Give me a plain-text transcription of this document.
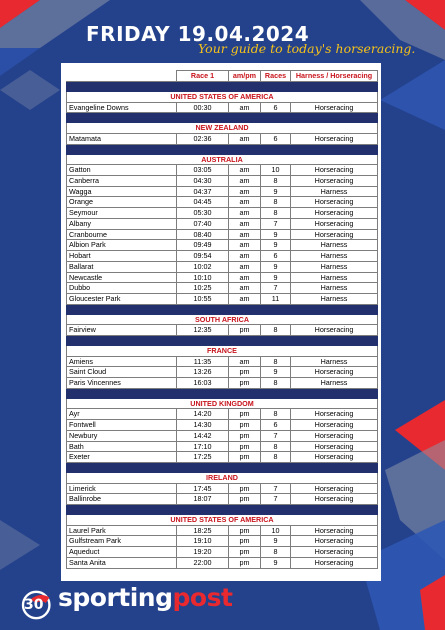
FRIDAY 19.04.2024
Your guide to today's horseracing.
	Race 1	am/pm	Races	Harness / Horseracing

UNITED STATES OF AMERICA				
Evangeline Downs	00:30	am	6	Horseracing

NEW ZEALAND				
Matamata	02:36	am	6	Horseracing

AUSTRALIA				
Gatton	03:05	am	10	Horseracing
Canberra	04:30	am	8	Horseracing
Wagga	04:37	am	9	Harness
Orange	04:45	am	8	Horseracing
Seymour	05:30	am	8	Horseracing
Albany	07:40	am	7	Horseracing
Cranbourne	08:40	am	9	Horseracing
Albion Park	09:49	am	9	Harness
Hobart	09:54	am	6	Harness
Ballarat	10:02	am	9	Harness
Newcastle	10:10	am	9	Harness
Dubbo	10:25	am	7	Harness
Gloucester Park	10:55	am	11	Harness

SOUTH AFRICA				
Fairview	12:35	pm	8	Horseracing

FRANCE				
Amiens	11:35	am	8	Harness
Saint Cloud	13:26	pm	9	Horseracing
Paris Vincennes	16:03	pm	8	Harness

UNITED KINGDOM				
Ayr	14:20	pm	8	Horseracing
Fontwell	14:30	pm	6	Horseracing
Newbury	14:42	pm	7	Horseracing
Bath	17:10	pm	8	Horseracing
Exeter	17:25	pm	8	Horseracing

IRELAND				
Limerick	17:45	pm	7	Horseracing
Ballinrobe	18:07	pm	7	Horseracing

UNITED STATES OF AMERICA				
Laurel Park	18:25	pm	10	Horseracing
Gulfstream Park	19:10	pm	9	Horseracing
Aqueduct	19:20	pm	8	Horseracing
Santa Anita	22:00	pm	9	Horseracing
sportingpost
30
